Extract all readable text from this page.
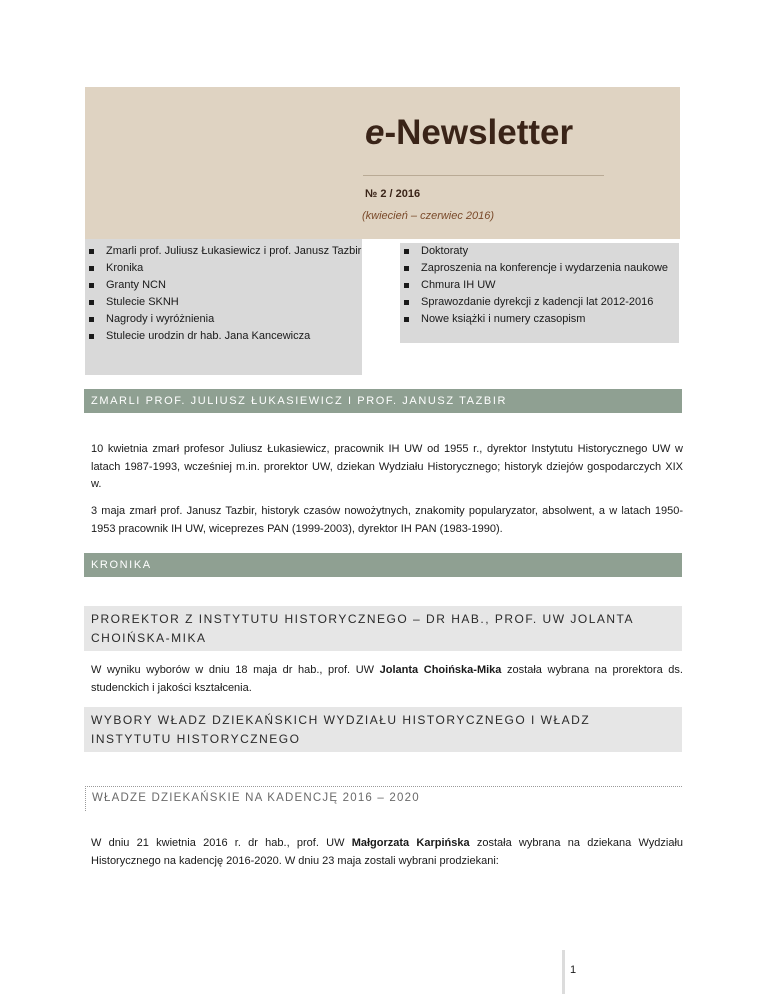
e-Newsletter
№ 2 / 2016
(kwiecień – czerwiec 2016)
Zmarli prof. Juliusz Łukasiewicz i prof. Janusz Tazbir
Kronika
Granty NCN
Stulecie SKNH
Nagrody i wyróżnienia
Stulecie urodzin dr hab. Jana Kancewicza
Doktoraty
Zaproszenia na konferencje i wydarzenia naukowe
Chmura IH UW
Sprawozdanie dyrekcji z kadencji lat 2012-2016
Nowe książki i numery czasopism
ZMARLI PROF. JULIUSZ ŁUKASIEWICZ I PROF. JANUSZ TAZBIR
10 kwietnia zmarł profesor Juliusz Łukasiewicz, pracownik IH UW od 1955 r., dyrektor Instytutu Historycznego UW w latach 1987-1993, wcześniej m.in. prorektor UW, dziekan Wydziału Historycznego; historyk dziejów gospodarczych XIX w.
3 maja zmarł prof. Janusz Tazbir, historyk czasów nowożytnych, znakomity popularyzator, absolwent, a w latach 1950-1953 pracownik IH UW, wiceprezes PAN (1999-2003), dyrektor IH PAN (1983-1990).
KRONIKA
PROREKTOR Z INSTYTUTU HISTORYCZNEGO – DR HAB., PROF. UW JOLANTA CHOIŃSKA-MIKA
W wyniku wyborów w dniu 18 maja dr hab., prof. UW Jolanta Choińska-Mika została wybrana na prorektora ds. studenckich i jakości kształcenia.
WYBORY WŁADZ DZIEKAŃSKICH WYDZIAŁU HISTORYCZNEGO I WŁADZ INSTYTUTU HISTORYCZNEGO
WŁADZE DZIEKAŃSKIE NA KADENCJĘ 2016 – 2020
W dniu 21 kwietnia 2016 r. dr hab., prof. UW Małgorzata Karpińska została wybrana na dziekana Wydziału Historycznego na kadencję 2016-2020. W dniu 23 maja zostali wybrani prodziekani:
1
